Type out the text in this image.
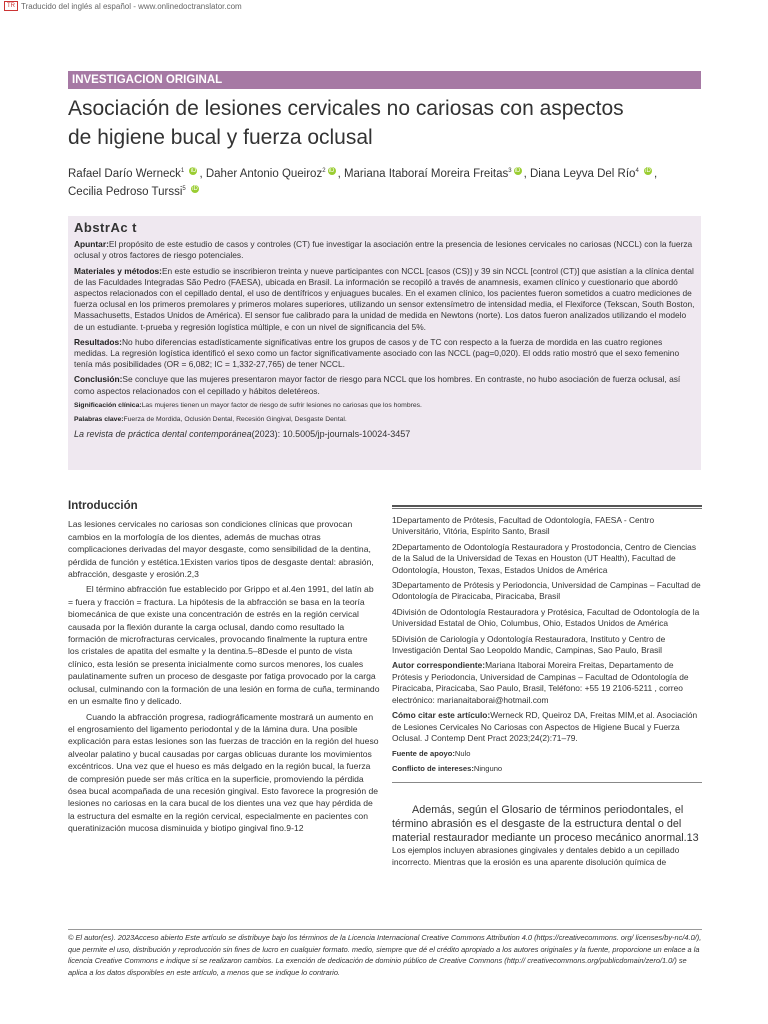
TR Traducido del inglés al español - www.onlinedoctranslator.com
INVESTIGACION ORIGINAL
Asociación de lesiones cervicales no cariosas con aspectos
de higiene bucal y fuerza oclusal
Rafael Darío Werneck$^1$ iD , Daher Antonio Queiroz$^2$ iD , Mariana Itaboraí Moreira Freitas$^3$ iD , Diana Leyva Del Río$^4$ iD ,
Cecilia Pedroso Turssi$^5$ iD
AbstrAc t

Apuntar:El propósito de este estudio de casos y controles (CT) fue investigar la asociación entre la presencia de lesiones cervicales no cariosas (NCCL) con la fuerza oclusal y otros factores de riesgo potenciales.

Materiales y métodos:En este estudio se inscribieron treinta y nueve participantes con NCCL [casos (CS)] y 39 sin NCCL [control (CT)] que asistían a la clínica dental de las Faculdades Integradas São Pedro (FAESA), ubicada en Brasil. La información se recopiló a través de anamnesis, examen clínico y cuestionario que abordó aspectos relacionados con el cepillado dental, el uso de dentífricos y enjuagues bucales. En el examen clínico, los pacientes fueron sometidos a cuatro mediciones de fuerza oclusal en los primeros premolares y primeros molares superiores, utilizando un sensor extensímetro de intensidad media, el Flexiforce (Tekscan, South Boston, Massachusetts, Estados Unidos de América). El sensor fue calibrado para la unidad de medida en Newtons (norte). Los datos fueron analizados utilizando el modelo de un estudiante. t-prueba y regresión logística múltiple, e con un nivel de significancia del 5%.

Resultados:No hubo diferencias estadísticamente significativas entre los grupos de casos y de TC con respecto a la fuerza de mordida en las cuatro regiones medidas. La regresión logística identificó el sexo como un factor significativamente asociado con las NCCL (pag=0,020). El odds ratio mostró que el sexo femenino tenía más posibilidades (OR = 6,082; IC = 1,332-27,765) de tener NCCL.

Conclusión:Se concluye que las mujeres presentaron mayor factor de riesgo para NCCL que los hombres. En contraste, no hubo asociación de fuerza oclusal, así como aspectos relacionados con el cepillado y hábitos deletéreos.

Significación clínica:Las mujeres tienen un mayor factor de riesgo de sufrir lesiones no cariosas que los hombres.

Palabras clave:Fuerza de Mordida, Oclusión Dental, Recesión Gingival, Desgaste Dental.

La revista de práctica dental contemporánea(2023): 10.5005/jp-journals-10024-3457

Introducción

Las lesiones cervicales no cariosas son condiciones clínicas que provocan cambios en la morfología de los dientes, además de muchas otras complicaciones derivadas del mayor desgaste, como sensibilidad de la dentina, pérdida de función y estética.1Existen varios tipos de desgaste dental: abrasión, abfracción, desgaste y erosión.2,3

El término abfracción fue establecido por Grippo et al.4en 1991, del latín ab = fuera y fracción = fractura. La hipótesis de la abfracción se basa en la teoría biomecánica de que existe una concentración de estrés en la región cervical causada por la flexión durante la carga oclusal, dando como resultado la formación de microfracturas cervicales, provocando finalmente la ruptura entre los cristales de apatita del esmalte y la dentina.5–8Desde el punto de vista clínico, esta lesión se presenta inicialmente como surcos menores, los cuales paulatinamente sufren un proceso de desgaste por fatiga provocado por la carga oclusal, culminando con la formación de una lesión en forma de cuña, terminando en un esmalte fino y delicado.

Cuando la abfracción progresa, radiográficamente mostrará un aumento en el engrosamiento del ligamento periodontal y de la lámina dura. Una posible explicación para estas lesiones son las fuerzas de tracción en la región del hueso alveolar palatino y bucal causadas por cargas oblicuas durante los movimientos excéntricos. Una vez que el hueso es más delgado en la región bucal, la fuerza de compresión puede ser más crítica en la superficie, promoviendo la pérdida ósea bucal acompañada de una recesión gingival. Esto favorece la progresión de lesiones no cariosas en la cara bucal de los dientes una vez que hay pérdida de la estructura del esmalte en la región cervical, especialmente en pacientes con queratinización mucosa disminuida y biotipo gingival fino.9-12

1Departamento de Prótesis, Facultad de Odontología, FAESA - Centro Universitário, Vitória, Espírito Santo, Brasil

2Departamento de Odontología Restauradora y Prostodoncia, Centro de Ciencias de la Salud de la Universidad de Texas en Houston (UT Health), Facultad de Odontología, Houston, Texas, Estados Unidos de América

3Departamento de Prótesis y Periodoncia, Universidad de Campinas – Facultad de Odontología de Piracicaba, Piracicaba, Brasil

4División de Odontología Restauradora y Protésica, Facultad de Odontología de la Universidad Estatal de Ohio, Columbus, Ohio, Estados Unidos de América

5División de Cariología y Odontología Restauradora, Instituto y Centro de Investigación Dental Sao Leopoldo Mandic, Campinas, Sao Paulo, Brasil

Autor correspondiente:Mariana Itaborai Moreira Freitas, Departamento de Prótesis y Periodoncia, Universidad de Campinas – Facultad de Odontología de Piracicaba, Piracicaba, Sao Paulo, Brasil, Teléfono: +55 19 2106-5211 , correo electrónico: marianaitaborai@hotmail.com

Cómo citar este artículo:Werneck RD, Queiroz DA, Freitas MIM,et al. Asociación de Lesiones Cervicales No Cariosas con Aspectos de Higiene Bucal y Fuerza Oclusal. J Contemp Dent Pract 2023;24(2):71–79.

Fuente de apoyo:Nulo

Conflicto de intereses:Ninguno

Además, según el Glosario de términos periodontales, el término abrasión es el desgaste de la estructura dental o del material restaurador mediante un proceso mecánico anormal.13

Los ejemplos incluyen abrasiones gingivales y dentales debido a un cepillado incorrecto. Mientras que la erosión es una aparente disolución química de

© El autor(es). 2023Acceso abierto Este artículo se distribuye bajo los términos de la Licencia Internacional Creative Commons Attribution 4.0 (https://creativecommons. org/ licenses/by-nc/4.0/), que permite el uso, distribución y reproducción sin fines de lucro en cualquier formato. medio, siempre que dé el crédito apropiado a los autores originales y la fuente, proporcione un enlace a la licencia Creative Commons e indique si se realizaron cambios. La exención de dedicación de dominio público de Creative Commons (http:// creativecommons.org/publicdomain/zero/1.0/) se aplica a los datos disponibles en este artículo, a menos que se indique lo contrario.
